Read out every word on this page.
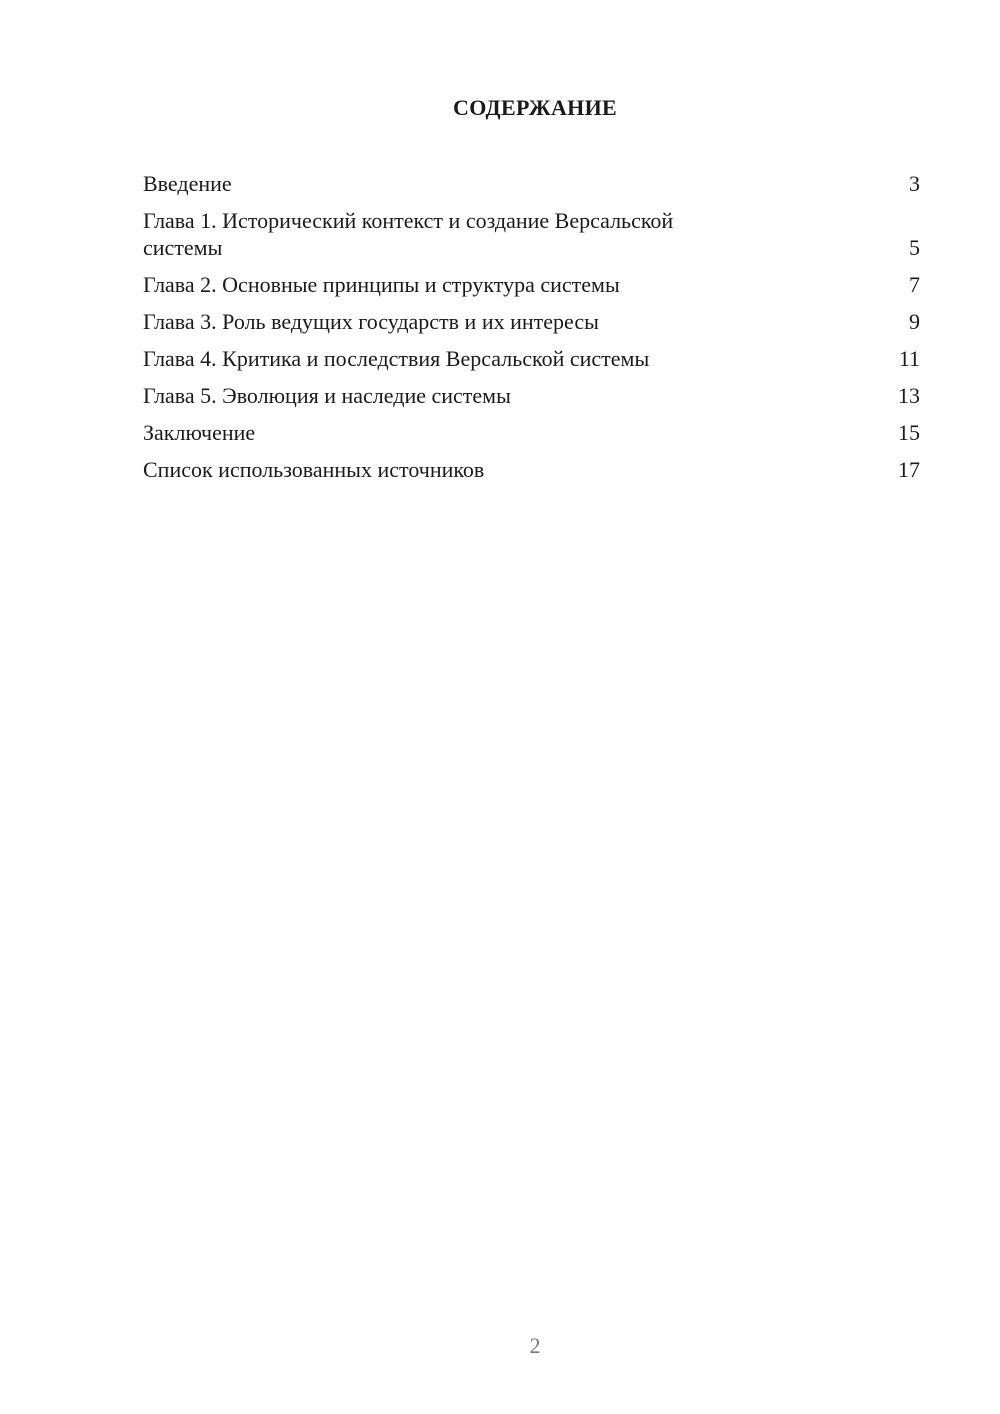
СОДЕРЖАНИЕ
Введение	3
Глава 1. Исторический контекст и создание Версальской
системы	5
Глава 2. Основные принципы и структура системы	7
Глава 3. Роль ведущих государств и их интересы	9
Глава 4. Критика и последствия Версальской системы	11
Глава 5. Эволюция и наследие системы	13
Заключение	15
Список использованных источников	17
2
